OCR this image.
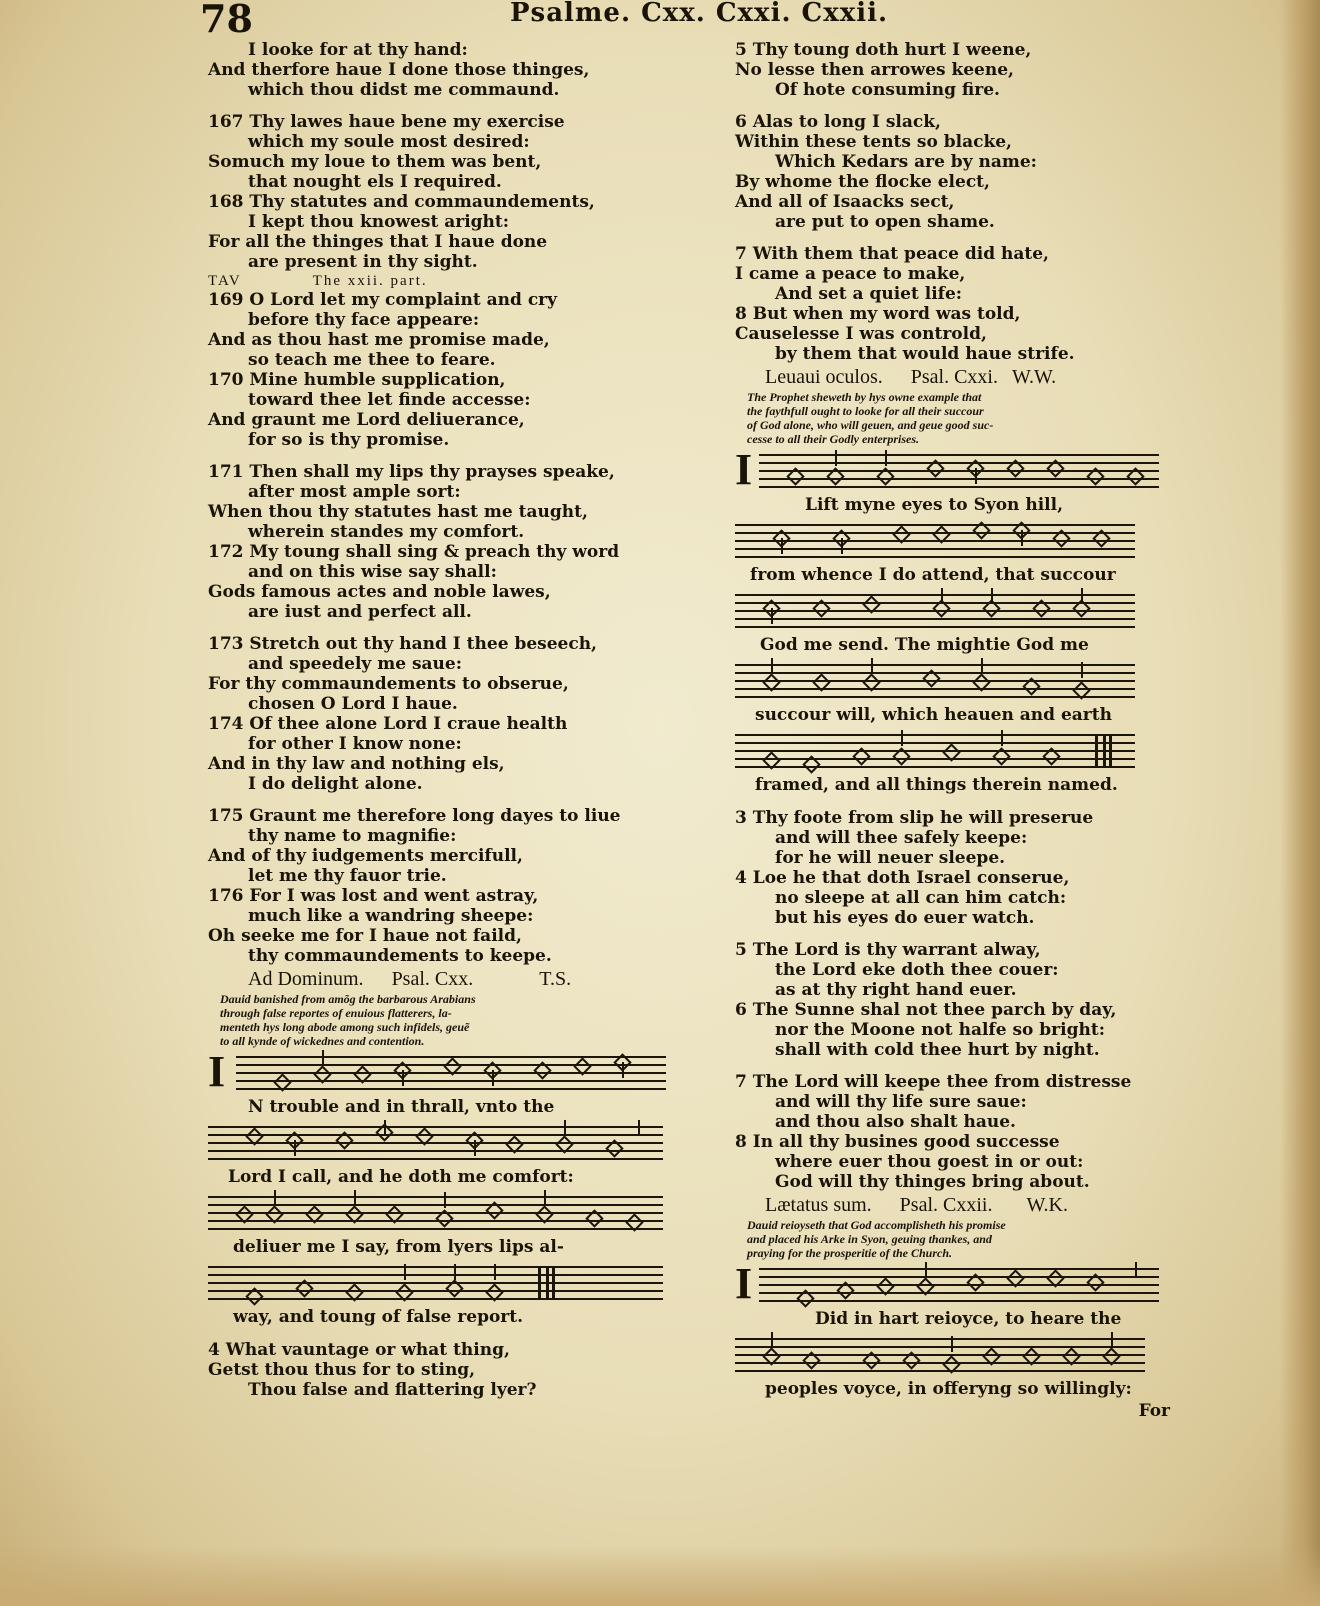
78	Psalme. Cxx. Cxxi. Cxxii.
I looke for at thy hand:
And therfore haue I done those thinges,
which thou didst me commaund.
167 Thy lawes haue bene my exercise
which my soule most desired:
Somuch my loue to them was bent,
that nought els I required.
168 Thy statutes and commaundements,
I kept thou knowest aright:
For all the thinges that I haue done
are present in thy sight.
TAV	The xxii. part.
169 O Lord let my complaint and cry
before thy face appeare:
And as thou hast me promise made,
so teach me thee to feare.
170 Mine humble supplication,
toward thee let finde accesse:
And graunt me Lord deliuerance,
for so is thy promise.
171 Then shall my lips thy prayses speake,
after most ample sort:
When thou thy statutes hast me taught,
wherein standes my comfort.
172 My toung shall sing & preach thy word
and on this wise say shall:
Gods famous actes and noble lawes,
are iust and perfect all.
173 Stretch out thy hand I thee beseech,
and speedely me saue:
For thy commaundements to obserue,
chosen O Lord I haue.
174 Of thee alone Lord I craue health
for other I know none:
And in thy law and nothing els,
I do delight alone.
175 Graunt me therefore long dayes to liue
thy name to magnifie:
And of thy iudgements mercifull,
let me thy fauor trie.
176 For I was lost and went astray,
much like a wandring sheepe:
Oh seeke me for I haue not faild,
thy commaundements to keepe.
Ad Dominum. Psal. Cxx.	T.S.
Dauid banished from amõg the barbarous Arabians
through false reportes of enuious flatterers, la-
menteth hys long abode among such infidels, geuẽ
to all kynde of wickednes and contention.
I
N trouble and in thrall, vnto the
Lord I call, and he doth me comfort:
deliuer me I say, from lyers lips al-
way, and toung of false report.
4 What vauntage or what thing,
Getst thou thus for to sting,
Thou false and flattering lyer?
5 Thy toung doth hurt I weene,
No lesse then arrowes keene,
Of hote consuming fire.
6 Alas to long I slack,
Within these tents so blacke,
Which Kedars are by name:
By whome the flocke elect,
And all of Isaacks sect,
are put to open shame.
7 With them that peace did hate,
I came a peace to make,
And set a quiet life:
8 But when my word was told,
Causelesse I was controld,
by them that would haue strife.
Leuaui oculos. Psal. Cxxi. W.W.
The Prophet sheweth by hys owne example that
the faythfull ought to looke for all their succour
of God alone, who will geuen, and geue good suc-
cesse to all their Godly enterprises.
I
Lift myne eyes to Syon hill,
from whence I do attend, that succour
God me send. The mightie God me
succour will, which heauen and earth
framed, and all things therein named.
3 Thy foote from slip he will preserue
and will thee safely keepe:
for he will neuer sleepe.
4 Loe he that doth Israel conserue,
no sleepe at all can him catch:
but his eyes do euer watch.
5 The Lord is thy warrant alway,
the Lord eke doth thee couer:
as at thy right hand euer.
6 The Sunne shal not thee parch by day,
nor the Moone not halfe so bright:
shall with cold thee hurt by night.
7 The Lord will keepe thee from distresse
and will thy life sure saue:
and thou also shalt haue.
8 In all thy busines good successe
where euer thou goest in or out:
God will thy thinges bring about.
Lætatus sum. Psal. Cxxii. W.K.
Dauid reioyseth that God accomplisheth his promise
and placed his Arke in Syon, geuing thankes, and
praying for the prosperitie of the Church.
I
Did in hart reioyce, to heare the
peoples voyce, in offeryng so willingly:
For
